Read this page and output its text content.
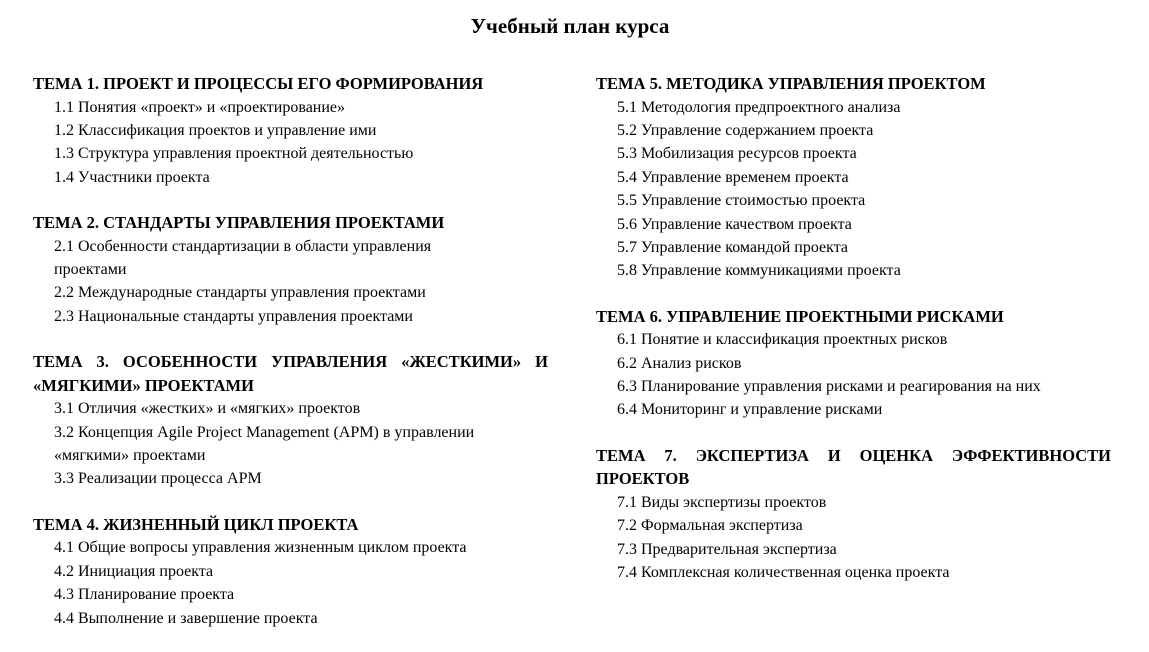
Учебный план курса
ТЕМА 1. ПРОЕКТ И ПРОЦЕССЫ ЕГО ФОРМИРОВАНИЯ
1.1 Понятия «проект» и «проектирование»
1.2 Классификация проектов и управление ими
1.3 Структура управления проектной деятельностью
1.4 Участники проекта
ТЕМА 2. СТАНДАРТЫ УПРАВЛЕНИЯ ПРОЕКТАМИ
2.1 Особенности стандартизации в области управления проектами
2.2 Международные стандарты управления проектами
2.3 Национальные стандарты управления проектами
ТЕМА 3. ОСОБЕННОСТИ УПРАВЛЕНИЯ «ЖЕСТКИМИ» И «МЯГКИМИ» ПРОЕКТАМИ
3.1 Отличия «жестких» и «мягких» проектов
3.2 Концепция Agile Project Management (APM) в управлении «мягкими» проектами
3.3 Реализации процесса APM
ТЕМА 4. ЖИЗНЕННЫЙ ЦИКЛ ПРОЕКТА
4.1 Общие вопросы управления жизненным циклом проекта
4.2 Инициация проекта
4.3 Планирование проекта
4.4 Выполнение и завершение проекта
ТЕМА 5. МЕТОДИКА УПРАВЛЕНИЯ ПРОЕКТОМ
5.1 Методология предпроектного анализа
5.2 Управление содержанием проекта
5.3 Мобилизация ресурсов проекта
5.4 Управление временем проекта
5.5 Управление стоимостью проекта
5.6 Управление качеством проекта
5.7 Управление командой проекта
5.8 Управление коммуникациями проекта
ТЕМА 6. УПРАВЛЕНИЕ ПРОЕКТНЫМИ РИСКАМИ
6.1 Понятие и классификация проектных рисков
6.2 Анализ рисков
6.3 Планирование управления рисками и реагирования на них
6.4 Мониторинг и управление рисками
ТЕМА 7. ЭКСПЕРТИЗА И ОЦЕНКА ЭФФЕКТИВНОСТИ ПРОЕКТОВ
7.1 Виды экспертизы проектов
7.2 Формальная экспертиза
7.3 Предварительная экспертиза
7.4 Комплексная количественная оценка проекта
